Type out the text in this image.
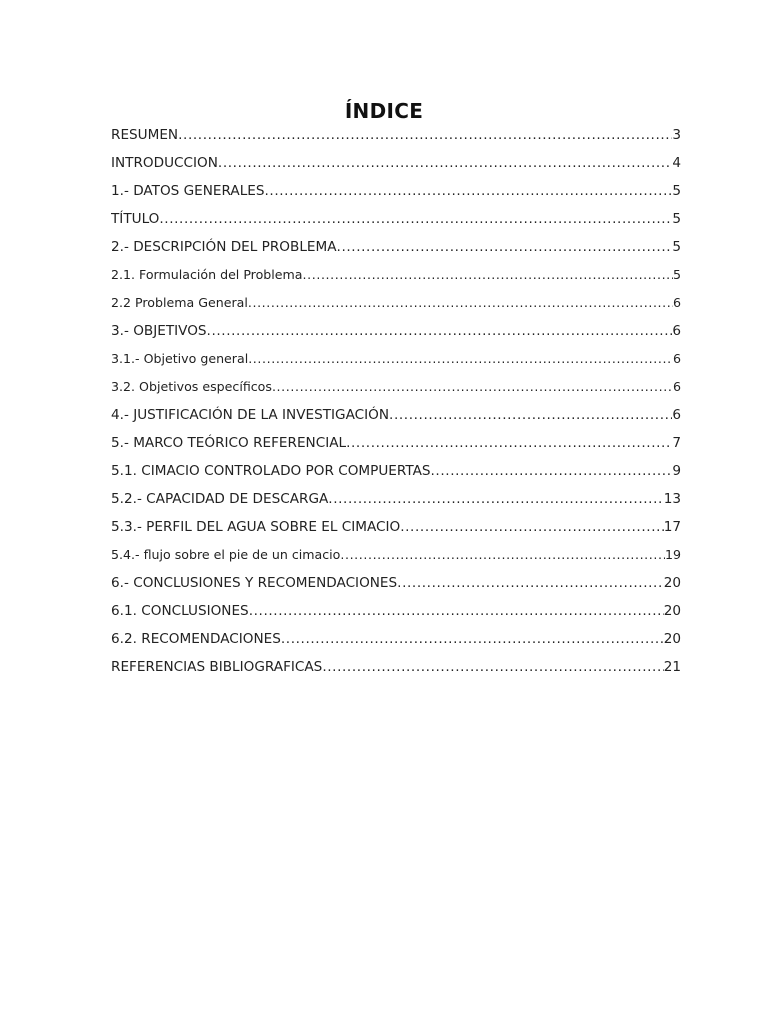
ÍNDICE
RESUMEN .....	3
INTRODUCCION .....	4
1.- DATOS GENERALES .....	5
TÍTULO .....	5
2.- DESCRIPCIÓN DEL PROBLEMA .....	5
2.1. Formulación del Problema .....	5
2.2 Problema General .....	6
3.- OBJETIVOS .....	6
3.1.- Objetivo general .....	6
3.2. Objetivos específicos .....	6
4.- JUSTIFICACIÓN DE LA INVESTIGACIÓN .....	6
5.- MARCO TEÓRICO REFERENCIAL .....	7
5.1. CIMACIO CONTROLADO POR COMPUERTAS .....	9
5.2.- CAPACIDAD DE DESCARGA .....	13
5.3.- PERFIL DEL AGUA SOBRE EL CIMACIO .....	17
5.4.- flujo sobre el pie de un cimacio .....	19
6.- CONCLUSIONES Y RECOMENDACIONES .....	20
6.1. CONCLUSIONES .....	20
6.2. RECOMENDACIONES .....	20
REFERENCIAS BIBLIOGRAFICAS .....	21
